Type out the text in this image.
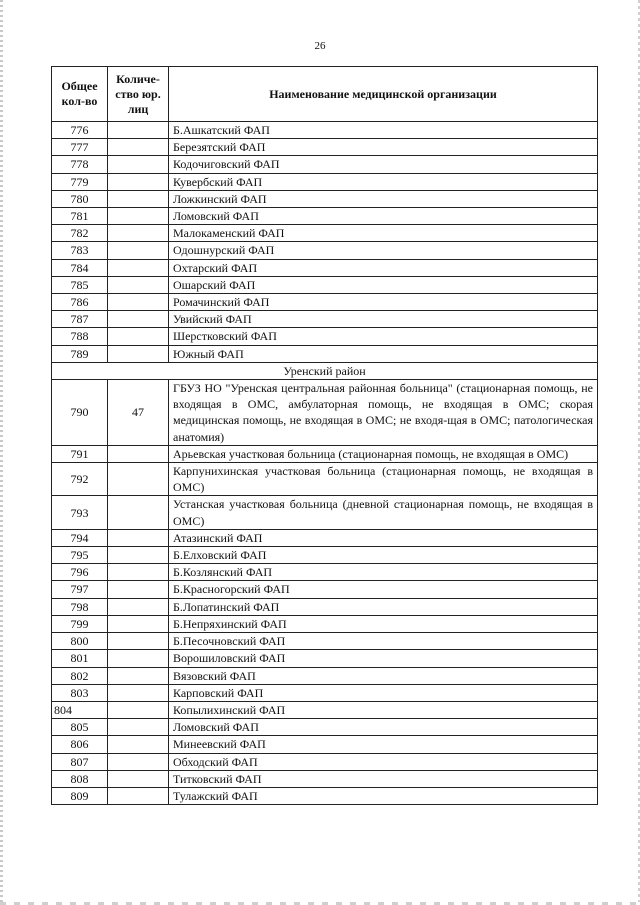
26
Общее кол-во	Количе-ство юр. лиц	Наименование медицинской организации
776		Б.Ашкатский ФАП
777		Березятский ФАП
778		Кодочиговский ФАП
779		Кувербский ФАП
780		Ложкинский ФАП
781		Ломовский ФАП
782		Малокаменский ФАП
783		Одошнурский ФАП
784		Охтарский ФАП
785		Ошарский ФАП
786		Ромачинский ФАП
787		Увийский ФАП
788		Шерстковский ФАП
789		Южный ФАП
Уренский район		
790	47	ГБУЗ НО "Уренская центральная районная больница" (стационарная помощь, не входящая в ОМС, амбулаторная помощь, не входящая в ОМС; скорая медицинская помощь, не входящая в ОМС; не входя-щая в ОМС; патологическая анатомия)
791		Арьевская участковая больница (стационарная помощь, не входящая в ОМС)
792		Карпунихинская участковая больница (стационарная помощь, не входящая в ОМС)
793		Устанская участковая больница (дневной стационарная помощь, не входящая в ОМС)
794		Атазинский ФАП
795		Б.Елховский ФАП
796		Б.Козлянский ФАП
797		Б.Красногорский ФАП
798		Б.Лопатинский ФАП
799		Б.Непряхинский ФАП
800		Б.Песочновский ФАП
801		Ворошиловский ФАП
802		Вязовский ФАП
803		Карповский ФАП
804		Копылихинский ФАП
805		Ломовский ФАП
806		Минеевский ФАП
807		Обходский ФАП
808		Титковский ФАП
809		Тулажский ФАП
